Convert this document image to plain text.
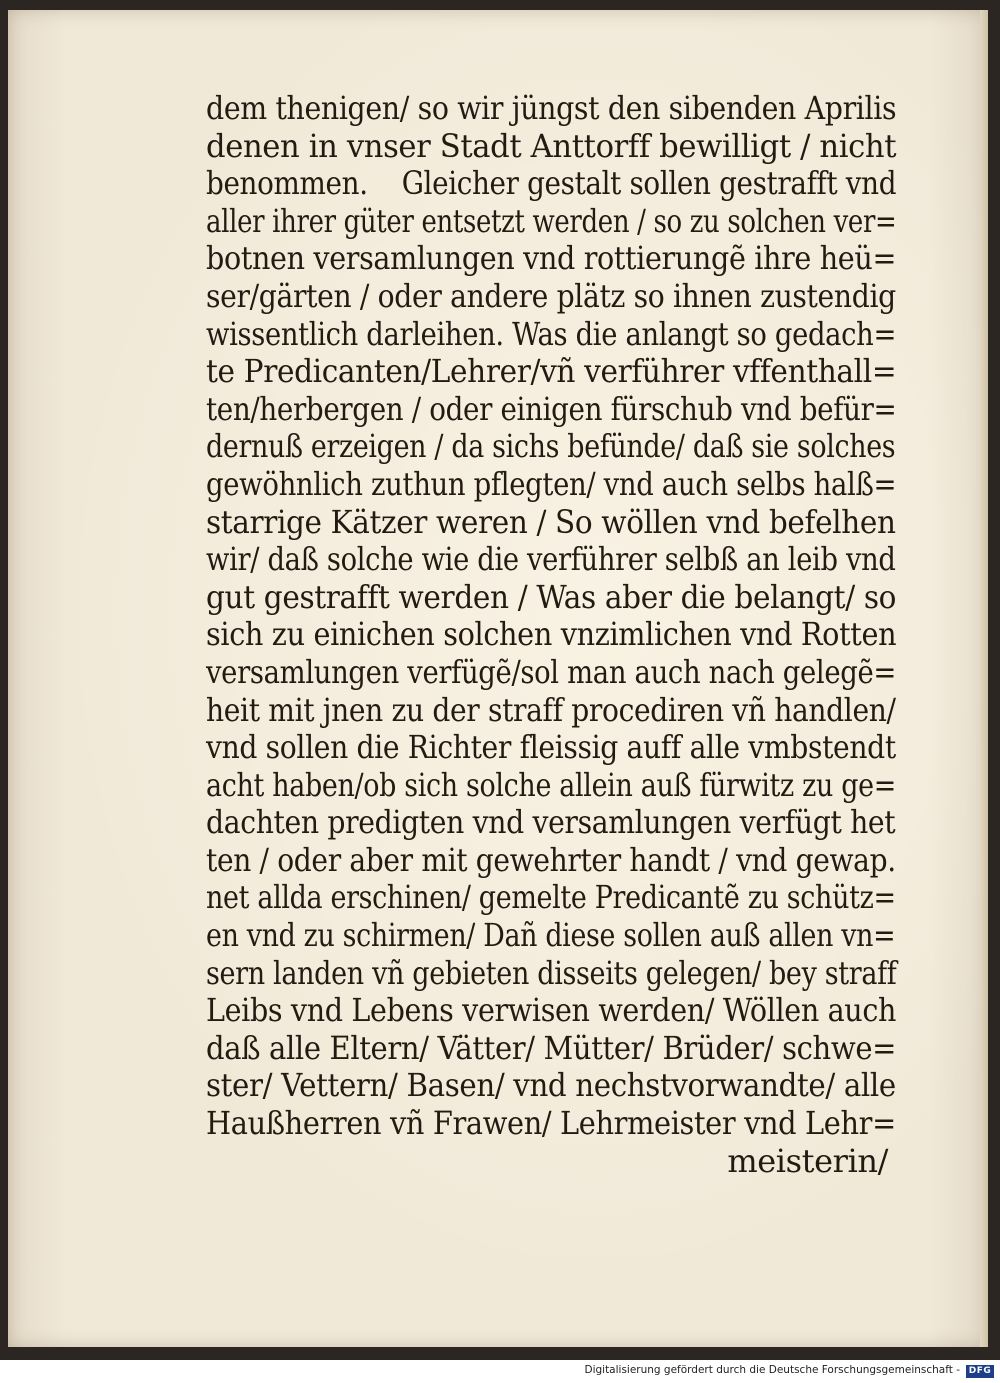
dem thenigen/ so wir jüngst den sibenden Aprilis
denen in vnser Stadt Anttorff bewilligt / nicht
benommen.    Gleicher gestalt sollen gestrafft vnd
aller ihrer güter entsetzt werden / so zu solchen ver=
botnen versamlungen vnd rottierungẽ ihre heü=
ser/gärten / oder andere plätz so ihnen zustendig
wissentlich darleihen. Was die anlangt so gedach=
te Predicanten/Lehrer/vñ verführer vffenthall=
ten/herbergen / oder einigen fürschub vnd befür=
dernuß erzeigen / da sichs befünde/ daß sie solches
gewöhnlich zuthun pflegten/ vnd auch selbs halß=
starrige Kätzer weren / So wöllen vnd befelhen
wir/ daß solche wie die verführer selbß an leib vnd
gut gestrafft werden / Was aber die belangt/ so
sich zu einichen solchen vnzimlichen vnd Rotten
versamlungen verfügẽ/sol man auch nach gelegẽ=
heit mit jnen zu der straff procediren vñ handlen/
vnd sollen die Richter fleissig auff alle vmbstendt
acht haben/ob sich solche allein auß fürwitz zu ge=
dachten predigten vnd versamlungen verfügt het
ten / oder aber mit gewehrter handt / vnd gewap.
net allda erschinen/ gemelte Predicantẽ zu schütz=
en vnd zu schirmen/ Dañ diese sollen auß allen vn=
sern landen vñ gebieten disseits gelegen/ bey straff
Leibs vnd Lebens verwisen werden/ Wöllen auch
daß alle Eltern/ Vätter/ Mütter/ Brüder/ schwe=
ster/ Vettern/ Basen/ vnd nechstvorwandte/ alle
Haußherren vñ Frawen/ Lehrmeister vnd Lehr=
meisterin/
Digitalisierung gefördert durch die Deutsche Forschungsgemeinschaft - DFG
